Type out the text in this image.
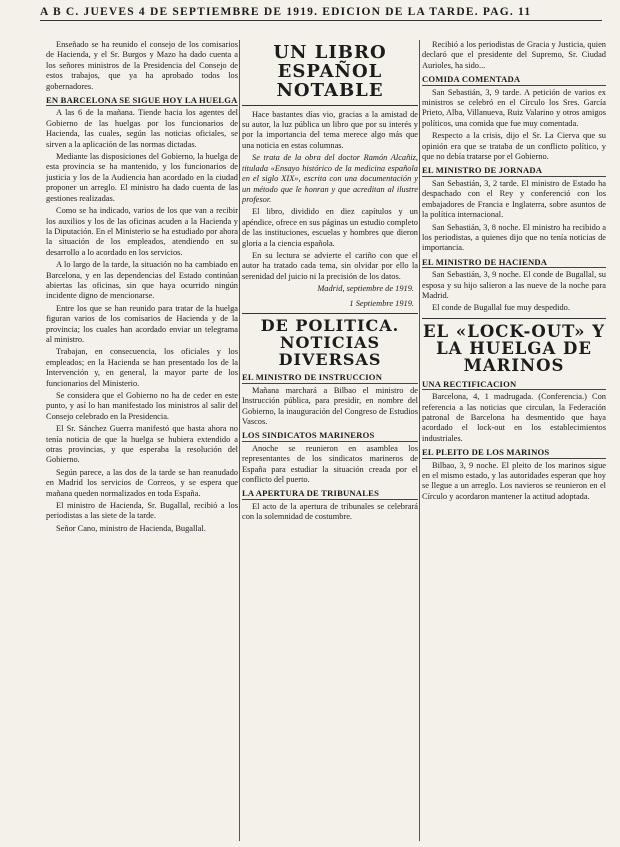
A B C. JUEVES 4 DE SEPTIEMBRE DE 1919. EDICION DE LA TARDE. PAG. 11

Enseñado se ha reunido el consejo de los comisarios de Hacienda, y el Sr. Burgos y Mazo ha dado cuenta a los señores ministros de la Presidencia del Consejo de estos trabajos, que ya ha aprobado todos los gobernadores.

EN BARCELONA SE SIGUE HOY LA HUELGA

A las 6 de la mañana. Tiende hacia los agentes del Gobierno de las huelgas por los funcionarios de Hacienda, las cuales, según las noticias oficiales, se sirven a la aplicación de las normas dictadas.

Mediante las disposiciones del Gobierno, la huelga de esta provincia se ha mantenido, y los funcionarios de justicia y los de la Audiencia han acordado en la ciudad proponer un arreglo. El ministro ha dado cuenta de las gestiones realizadas.

Como se ha indicado, varios de los que van a recibir los auxilios y los de las oficinas acuden a la Hacienda y la Diputación. En el Ministerio se ha estudiado por ahora la situación de los empleados, atendiendo en su desarrollo a lo acordado en los servicios.

A lo largo de la tarde, la situación no ha cambiado en Barcelona, y en las dependencias del Estado continúan abiertas las oficinas, sin que haya ocurrido ningún incidente digno de mencionarse.

Entre los que se han reunido para tratar de la huelga figuran varios de los comisarios de Hacienda y de la provincia; los cuales han acordado enviar un telegrama al ministro.

Trabajan, en consecuencia, los oficiales y los empleados; en la Hacienda se han presentado los de la Intervención y, en general, la mayor parte de los funcionarios del Ministerio.

Se considera que el Gobierno no ha de ceder en este punto, y así lo han manifestado los ministros al salir del Consejo celebrado en la Presidencia.

El Sr. Sánchez Guerra manifestó que hasta ahora no tenía noticia de que la huelga se hubiera extendido a otras provincias, y que esperaba la resolución del Gobierno.

Según parece, a las dos de la tarde se han reanudado en Madrid los servicios de Correos, y se espera que mañana queden normalizados en toda España.

El ministro de Hacienda, Sr. Bugallal, recibió a los periodistas a las siete de la tarde.

Señor Cano, ministro de Hacienda, Bugallal.

UN LIBRO ESPAÑOL NOTABLE

Hace bastantes días vio, gracias a la amistad de su autor, la luz pública un libro que por su interés y por la importancia del tema merece algo más que una noticia en estas columnas.

Se trata de la obra del doctor Ramón Alcañiz, titulada «Ensayo histórico de la medicina española en el siglo XIX», escrita con una documentación y un método que le honran y que acreditan al ilustre profesor.

El libro, dividido en diez capítulos y un apéndice, ofrece en sus páginas un estudio completo de las instituciones, escuelas y hombres que dieron gloria a la ciencia española.

En su lectura se advierte el cariño con que el autor ha tratado cada tema, sin olvidar por ello la serenidad del juicio ni la precisión de los datos.

Madrid, septiembre de 1919.

1 Septiembre 1919.

DE POLITICA. NOTICIAS DIVERSAS
EL MINISTRO DE INSTRUCCION

Mañana marchará a Bilbao el ministro de Instrucción pública, para presidir, en nombre del Gobierno, la inauguración del Congreso de Estudios Vascos.

LOS SINDICATOS MARINEROS

Anoche se reunieron en asamblea los representantes de los sindicatos marineros de España para estudiar la situación creada por el conflicto del puerto.

LA APERTURA DE TRIBUNALES

El acto de la apertura de tribunales se celebrará con la solemnidad de costumbre.

Recibió a los periodistas de Gracia y Justicia, quien declaró que el presidente del Supremo, Sr. Ciudad Aurioles, ha sido...

COMIDA COMENTADA

San Sebastián, 3, 9 tarde. A petición de varios ex ministros se celebró en el Círculo los Sres. García Prieto, Alba, Villanueva, Ruiz Valarino y otros amigos políticos, una comida que fue muy comentada.

Respecto a la crisis, dijo el Sr. La Cierva que su opinión era que se trataba de un conflicto político, y que no debía tratarse por el Gobierno.

EL MINISTRO DE JORNADA

San Sebastián, 3, 2 tarde. El ministro de Estado ha despachado con el Rey y conferenció con los embajadores de Francia e Inglaterra, sobre asuntos de la política internacional.

San Sebastián, 3, 8 noche. El ministro ha recibido a los periodistas, a quienes dijo que no tenía noticias de importancia.

EL MINISTRO DE HACIENDA

San Sebastián, 3, 9 noche. El conde de Bugallal, su esposa y su hijo salieron a las nueve de la noche para Madrid.

El conde de Bugallal fue muy despedido.

EL «LOCK-OUT» Y LA HUELGA DE MARINOS
UNA RECTIFICACION

Barcelona, 4, 1 madrugada. (Conferencia.) Con referencia a las noticias que circulan, la Federación patronal de Barcelona ha desmentido que haya acordado el lock-out en los establecimientos industriales.

EL PLEITO DE LOS MARINOS

Bilbao, 3, 9 noche. El pleito de los marinos sigue en el mismo estado, y las autoridades esperan que hoy se llegue a un arreglo. Los navieros se reunieron en el Círculo y acordaron mantener la actitud adoptada.
